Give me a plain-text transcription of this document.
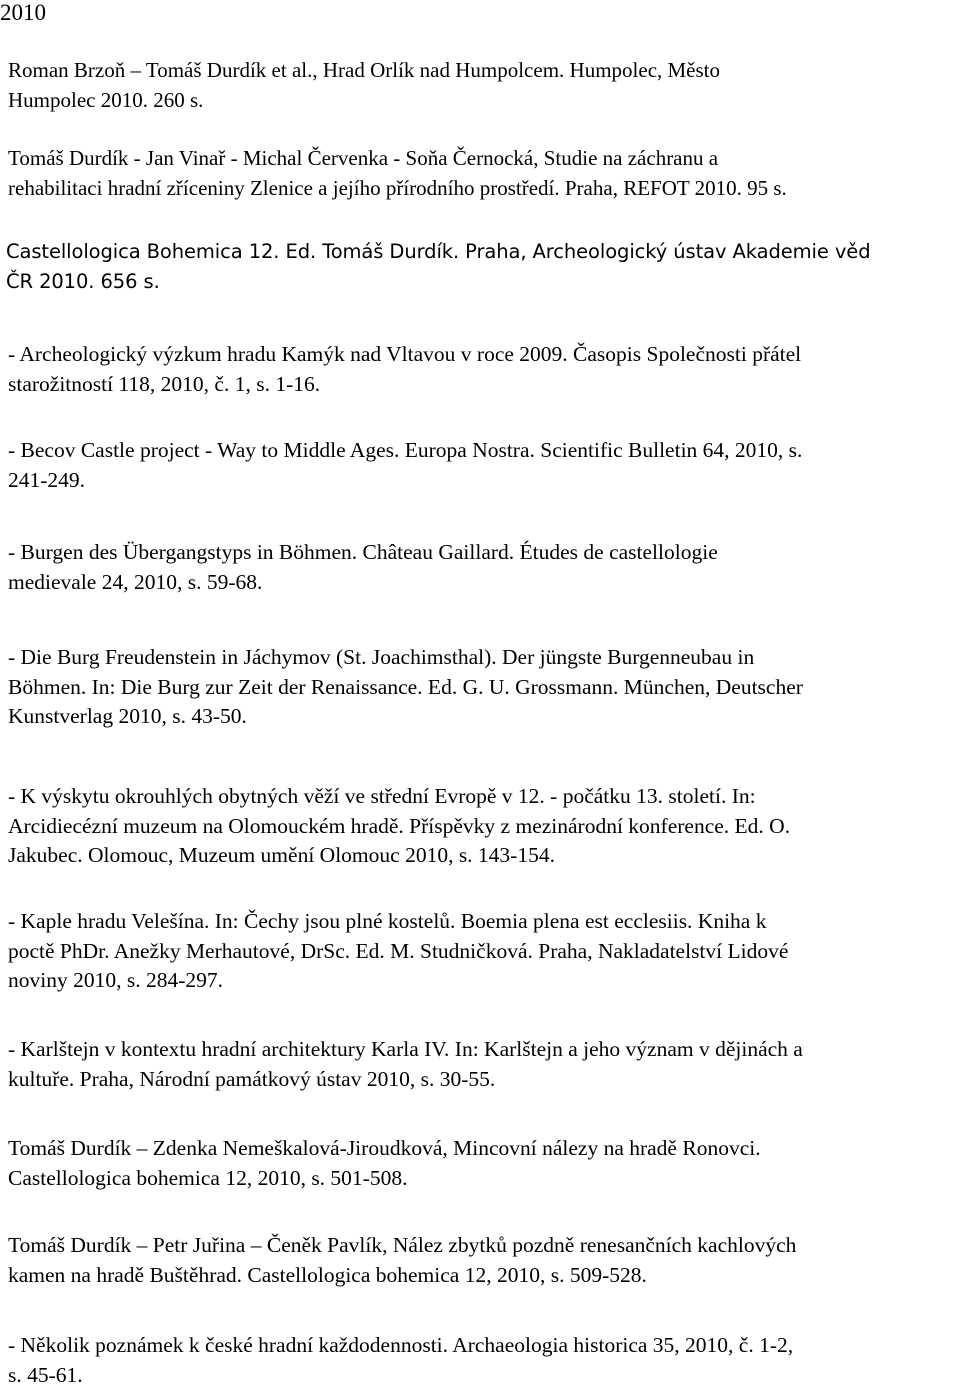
2010

Roman Brzoň – Tomáš Durdík et al., Hrad Orlík nad Humpolcem. Humpolec, Město
Humpolec 2010. 260 s.

Tomáš Durdík - Jan Vinař - Michal Červenka - Soňa Černocká, Studie na záchranu a
rehabilitaci hradní zříceniny Zlenice a jejího přírodního prostředí. Praha, REFOT 2010. 95 s.

Castellologica Bohemica 12. Ed. Tomáš Durdík. Praha, Archeologický ústav Akademie věd
ČR 2010. 656 s.

- Archeologický výzkum hradu Kamýk nad Vltavou v roce 2009. Časopis Společnosti přátel
starožitností 118, 2010, č. 1, s. 1-16.

- Becov Castle project - Way to Middle Ages. Europa Nostra. Scientific Bulletin 64, 2010, s.
241-249.

- Burgen des Übergangstyps in Böhmen. Château Gaillard. Études de castellologie
medievale 24, 2010, s. 59-68.

- Die Burg Freudenstein in Jáchymov (St. Joachimsthal). Der jüngste Burgenneubau in
Böhmen. In: Die Burg zur Zeit der Renaissance. Ed. G. U. Grossmann. München, Deutscher
Kunstverlag 2010, s. 43-50.

- K výskytu okrouhlých obytných věží ve střední Evropě v 12. - počátku 13. století. In:
Arcidiecézní muzeum na Olomouckém hradě. Příspěvky z mezinárodní konference. Ed. O.
Jakubec. Olomouc, Muzeum umění Olomouc 2010, s. 143-154.

- Kaple hradu Velešína. In: Čechy jsou plné kostelů. Boemia plena est ecclesiis. Kniha k
poctě PhDr. Anežky Merhautové, DrSc. Ed. M. Studničková. Praha, Nakladatelství Lidové
noviny 2010, s. 284-297.

- Karlštejn v kontextu hradní architektury Karla IV. In: Karlštejn a jeho význam v dějinách a
kultuře. Praha, Národní památkový ústav 2010, s. 30-55.

Tomáš Durdík – Zdenka Nemeškalová-Jiroudková, Mincovní nálezy na hradě Ronovci.
Castellologica bohemica 12, 2010, s. 501-508.

Tomáš Durdík – Petr Juřina – Čeněk Pavlík, Nález zbytků pozdně renesančních kachlových
kamen na hradě Buštěhrad. Castellologica bohemica 12, 2010, s. 509-528.

- Několik poznámek k české hradní každodennosti. Archaeologia historica 35, 2010, č. 1-2,
s. 45-61.
